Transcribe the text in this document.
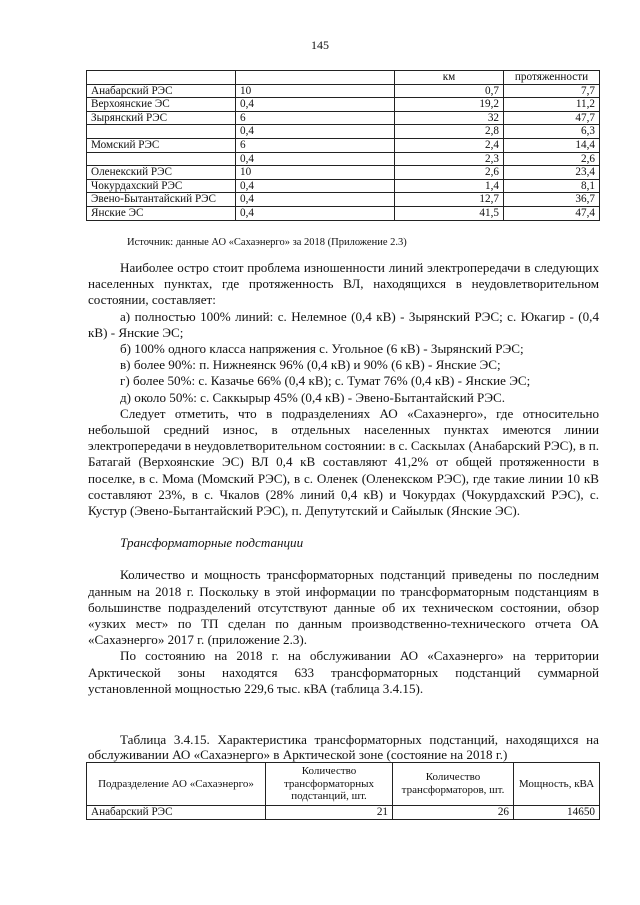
145
		км	протяженности
Анабарский РЭС	10	0,7	7,7
Верхоянские ЭС	0,4	19,2	11,2
Зырянский РЭС	6	32	47,7
	0,4	2,8	6,3
Момский РЭС	6	2,4	14,4
	0,4	2,3	2,6
Оленекский РЭС	10	2,6	23,4
Чокурдахский РЭС	0,4	1,4	8,1
Эвено-Бытантайский РЭС	0,4	12,7	36,7
Янские ЭС	0,4	41,5	47,4
Источник: данные АО «Сахаэнерго» за 2018 (Приложение 2.3)

Наиболее остро стоит проблема изношенности линий электропередачи в следующих населенных пунктах, где протяженность ВЛ, находящихся в неудовлетворительном состоянии, составляет:

а) полностью 100% линий: с. Нелемное (0,4 кВ) - Зырянский РЭС; с. Юкагир - (0,4 кВ) - Янские ЭС;

б) 100% одного класса напряжения с. Угольное (6 кВ) - Зырянский РЭС;

в) более 90%: п. Нижнеянск 96% (0,4 кВ) и 90% (6 кВ) - Янские ЭС;

г) более 50%: с. Казачье 66% (0,4 кВ); с. Тумат 76% (0,4 кВ) - Янские ЭС;

д) около 50%: с. Саккырыр 45% (0,4 кВ) - Эвено-Бытантайский РЭС.

Следует отметить, что в подразделениях АО «Сахаэнерго», где относительно небольшой средний износ, в отдельных населенных пунктах имеются линии электропередачи в неудовлетворительном состоянии: в с. Саскылах (Анабарский РЭС), в п. Батагай (Верхоянские ЭС) ВЛ 0,4 кВ составляют 41,2% от общей протяженности в поселке, в с. Мома (Момский РЭС), в с. Оленек (Оленекском РЭС), где такие линии 10 кВ составляют 23%, в с. Чкалов (28% линий 0,4 кВ) и Чокурдах (Чокурдахский РЭС), с. Кустур (Эвено-Бытантайский РЭС), п. Депутутский и Сайылык (Янские ЭС).

Трансформаторные подстанции

Количество и мощность трансформаторных подстанций приведены по последним данным на 2018 г. Поскольку в этой информации по трансформаторным подстанциям в большинстве подразделений отсутствуют данные об их техническом состоянии, обзор «узких мест» по ТП сделан по данным производственно-технического отчета ОА «Сахаэнерго» 2017 г. (приложение 2.3).

По состоянию на 2018 г. на обслуживании АО «Сахаэнерго» на территории Арктической зоны находятся 633 трансформаторных подстанций суммарной установленной мощностью 229,6 тыс. кВА (таблица 3.4.15).

Таблица 3.4.15. Характеристика трансформаторных подстанций, находящихся на обслуживании АО «Сахаэнерго» в Арктической зоне (состояние на 2018 г.)
Подразделение АО «Сахаэнерго»	Количество трансформаторных подстанций, шт.	Количество трансформаторов, шт.	Мощность, кВА
Анабарский РЭС	21	26	14650
